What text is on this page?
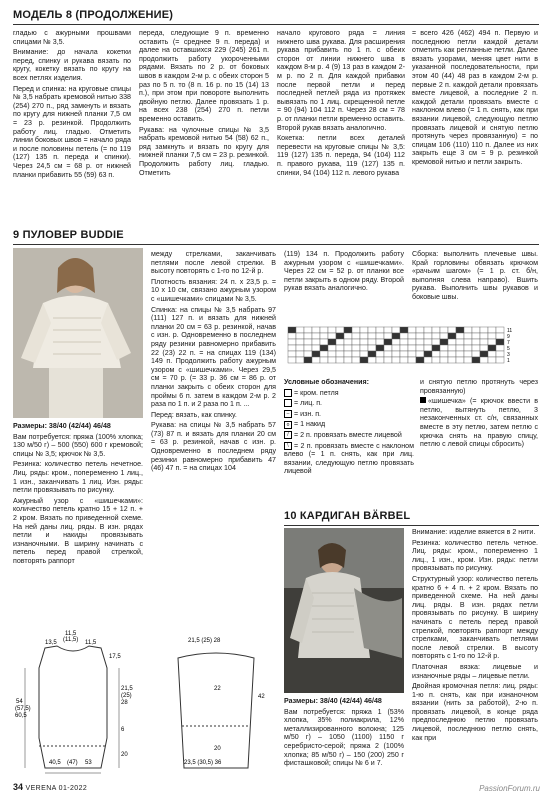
МОДЕЛЬ 8 (ПРОДОЛЖЕНИЕ)

гладью с ажурными прошвами спицами № 3,5.

Внимание: до начала кокетки перед, спинку и рукава вязать по кругу, кокетку вязать по кругу на всех петлях изделия.

Перед и спинка: на круговые спицы № 3,5 набрать кремовой нитью 338 (254) 270 п., ряд замкнуть и вязать по кругу для нижней планки 7,5 см = 23 р. резинкой. Продолжить работу лиц. гладью. Отметить линии боковых швов = начало ряда и после половины петель (= по 119 (127) 135 п. переда и спинки). Через 24,5 см = 68 р. от нижней планки прибавить 55 (59) 63 п.

переда, следующие 9 п. временно оставить (= среднее 9 п. переда) и далее на оставшихся 229 (245) 261 п. продолжить работу укороченными рядами. Вязать по 2 р. от боковых швов в каждом 2-м р. с обеих сторон 5 раз по 5 п. то (8 п. 16 р. по 15 (14) 13 п.), при этом при повороте выполнить двойную петлю. Далее провязать 1 р. на всех 238 (254) 270 п. петли временно оставить.

Рукава: на чулочные спицы № 3,5 набрать кремовой нитью 54 (58) 62 п., ряд замкнуть и вязать по кругу для нижней планки 7,5 см = 23 р. резинкой. Продолжить работу лиц. гладью. Отметить

начало кругового ряда = линия нижнего шва рукава. Для расширения рукава прибавить по 1 п. с обеих сторон от линии нижнего шва в каждом 8-м р. 4 (9) 13 раз в каждом 2-м р. по 2 п. Для каждой прибавки после первой петли и перед последней петлей ряда из протяжек вывязать по 1 лиц. скрещенной петле = 90 (94) 104 112 п. Через 28 см = 78 р. от планки петли временно оставить. Второй рукав вязать аналогично.

Кокетка: петли всех деталей перевести на круговые спицы № 3,5: 119 (127) 135 п. переда, 94 (104) 112 п. правого рукава, 119 (127) 135 п. спинки, 94 (104) 112 п. левого рукава

= всего 426 (462) 494 п. Первую и последнюю петли каждой детали отметить как регланные петли. Далее вязать узорами, меняя цвет нити в указанной последовательности, при этом 40 (44) 48 раз в каждом 2-м р. первые 2 п. каждой детали провязать вместе лицевой, а последние 2 п. каждой детали провязать вместе с наклоном влево (= 1 п. снять, как при вязании лицевой, следующую петлю провязать лицевой и снятую петлю протянуть через провязанную) = по спицам 106 (110) 110 п. Далее из них закрыть еще 3 см = 9 р. резинкой кремовой нитью и петли закрыть.

9 ПУЛОВЕР BUDDIE

Размеры: 38/40 (42/44) 46/48

Вам потребуется: пряжа (100% хлопка; 130 м/50 г) – 500 (550) 600 г кремовой; спицы № 3,5; крючок № 3,5.

Резинка: количество петель нечетное. Лиц. ряды: кром., попеременно 1 лиц., 1 изн., заканчивать 1 лиц. Изн. ряды: петли провязывать по рисунку.

Ажурный узор с «шишечками»: количество петель кратно 15 + 12 п. + 2 кром. Вязать по приведенной схеме. На ней даны лиц. ряды. В изн. рядах петли и накиды провязывать изнаночными. В ширину начинать с петель перед правой стрелкой, повторять раппорт

между стрелками, заканчивать петлями после левой стрелки. В высоту повторять с 1-го по 12-й р.

Плотность вязания: 24 п. х 23,5 р. = 10 х 10 см, связано ажурным узором с «шишечками» спицами № 3,5.

Спинка: на спицы № 3,5 набрать 97 (111) 127 п. и вязать для нижней планки 20 см = 63 р. резинкой, начав с изн. р. Одновременно в последнем ряду резинки равномерно прибавить 22 (23) 22 п. = на спицах 119 (134) 149 п. Продолжить работу ажурным узором с «шишечками». Через 29,5 см = 70 р. (= 33 р. 36 см = 86 р. от планки закрыть с обеих сторон для проймы 6 п. затем в каждом 2-м р. 2 раза по 1 п. и 2 раза по 1 п. ...

Перед: вязать, как спинку.

Рукава: на спицы № 3,5 набрать 57 (73) 87 п. и вязать для планки 20 см = 63 р. резинкой, начав с изн. р. Одновременно в последнем ряду резинки равномерно прибавить 47 (46) 47 п. = на спицах 104

(119) 134 п. Продолжить работу ажурным узором с «шишечками». Через 22 см = 52 р. от планки все петли закрыть в одном ряду. Второй рукав вязать аналогично.

Сборка: выполнить плечевые швы. Край горловины обвязать крючком «рачьим шагом» (= 1 р. ст. б/н, выполняя слева направо). Вшить рукава. Выполнить швы рукавов и боковые швы.

11
9
7
5
3
1

Условные обозначения:

= кром. петля

= лиц. п.

– = изн. п.

o = 1 накид

/ = 2 п. провязать вместе лицевой

\ = 2 п. провязать вместе с наклоном влево (= 1 п. снять, как при лиц. вязании, следующую петлю провязать лицевой

и снятую петлю протянуть через провязанную)

«шишечка» (= крючок ввести в петлю, вытянуть петлю, 3 незаконченных ст. с/н, связанных вместе в эту петлю, затем петлю с крючка снять на правую спицу, петлю с левой спицы сбросить)

11,5
(11,5)
13,5	11,5
17,5
54
(57,5)
60,5
21,5
(25)
28
6
20
40,5 (47) 53
21,5 (25) 28
42
22
20
23,5 (30,5) 36
10 КАРДИГАН BÄRBEL

Размеры: 38/40 (42/44) 46/48

Вам потребуется: пряжа 1 (53% хлопка, 35% полиакрила, 12% металлизированного волокна; 125 м/50 г) – 1050 (1100) 1150 г серебристо-серой; пряжа 2 (100% хлопка; 85 м/50 г) – 150 (200) 250 г фисташковой; спицы № 6 и 7.

Внимание: изделие вяжется в 2 нити.

Резинка: количество петель четное. Лиц. ряды: кром., попеременно 1 лиц., 1 изн., кром. Изн. ряды: петли провязывать по рисунку.

Структурный узор: количество петель кратно 6 + 4 п. + 2 кром. Вязать по приведенной схеме. На ней даны лиц. ряды. В изн. рядах петли провязывать по рисунку. В ширину начинать с петель перед правой стрелкой, повторять раппорт между стрелками, заканчивать петлями после левой стрелки. В высоту повторять с 1-го по 12-й р.

Платочная вязка: лицевые и изнаночные ряды – лицевые петли.

Двойная кромочная петля: лиц. ряды: 1-ю п. снять, как при изнаночном вязании (нить за работой), 2-ю п. провязать лицевой, в конце ряда предпоследнюю петлю провязать лицевой, последнюю петлю снять, как при

34 VERENA 01-2022	PassionForum.ru
